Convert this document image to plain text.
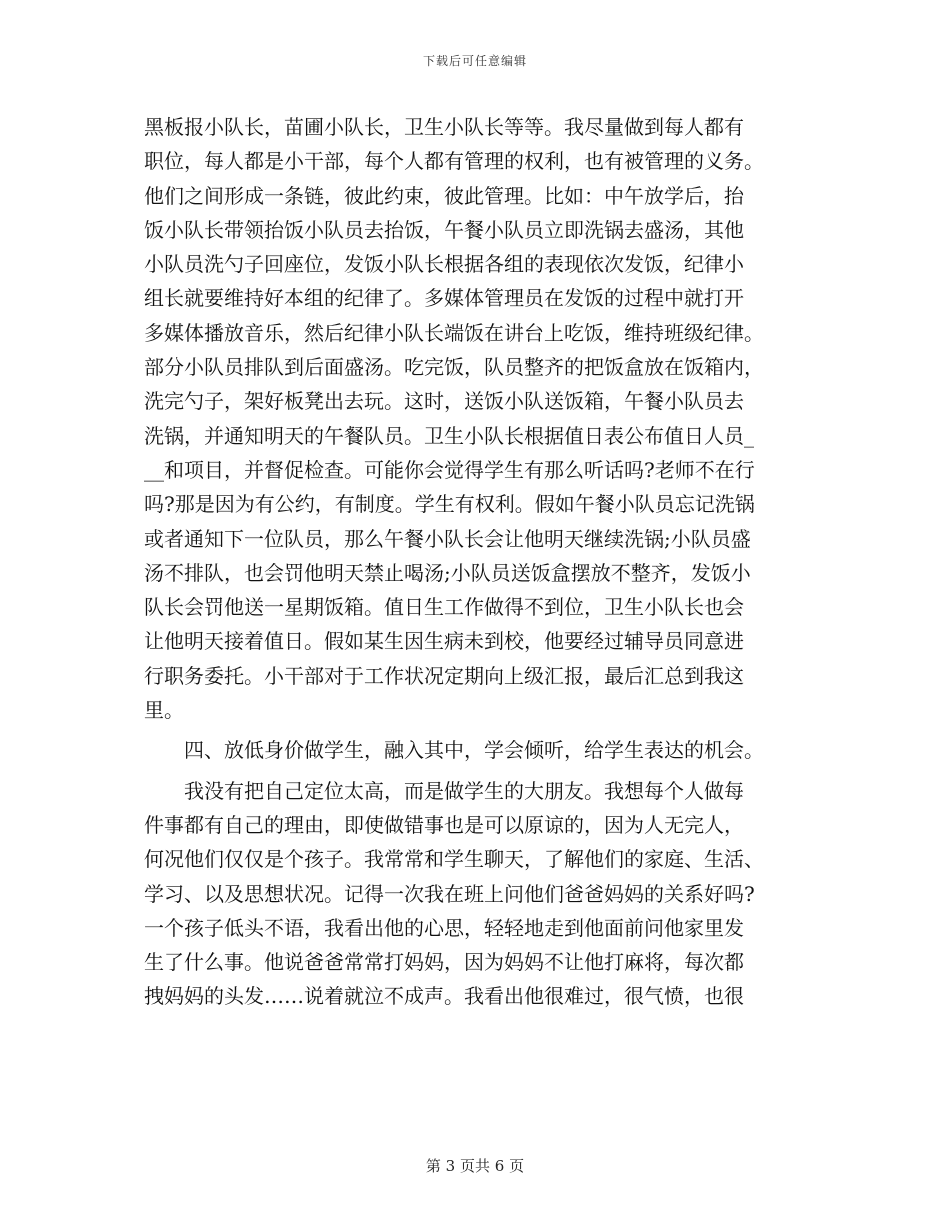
下载后可任意编辑
黑板报小队长，苗圃小队长，卫生小队长等等。我尽量做到每人都有
职位，每人都是小干部，每个人都有管理的权利，也有被管理的义务。
他们之间形成一条链，彼此约束，彼此管理。比如：中午放学后，抬
饭小队长带领抬饭小队员去抬饭，午餐小队员立即洗锅去盛汤，其他
小队员洗勺子回座位，发饭小队长根据各组的表现依次发饭，纪律小
组长就要维持好本组的纪律了。多媒体管理员在发饭的过程中就打开
多媒体播放音乐，然后纪律小队长端饭在讲台上吃饭，维持班级纪律。
部分小队员排队到后面盛汤。吃完饭，队员整齐的把饭盒放在饭箱内，
洗完勺子，架好板凳出去玩。这时，送饭小队送饭箱，午餐小队员去
洗锅，并通知明天的午餐队员。卫生小队长根据值日表公布值日人员_
__和项目，并督促检查。可能你会觉得学生有那么听话吗?老师不在行
吗?那是因为有公约，有制度。学生有权利。假如午餐小队员忘记洗锅
或者通知下一位队员，那么午餐小队长会让他明天继续洗锅;小队员盛
汤不排队，也会罚他明天禁止喝汤;小队员送饭盒摆放不整齐，发饭小
队长会罚他送一星期饭箱。值日生工作做得不到位，卫生小队长也会
让他明天接着值日。假如某生因生病未到校，他要经过辅导员同意进
行职务委托。小干部对于工作状况定期向上级汇报，最后汇总到我这
里。
四、放低身价做学生，融入其中，学会倾听，给学生表达的机会。
我没有把自己定位太高，而是做学生的大朋友。我想每个人做每
件事都有自己的理由，即使做错事也是可以原谅的，因为人无完人，
何况他们仅仅是个孩子。我常常和学生聊天，了解他们的家庭、生活、
学习、以及思想状况。记得一次我在班上问他们爸爸妈妈的关系好吗?
一个孩子低头不语，我看出他的心思，轻轻地走到他面前问他家里发
生了什么事。他说爸爸常常打妈妈，因为妈妈不让他打麻将，每次都
拽妈妈的头发……说着就泣不成声。我看出他很难过，很气愤，也很
第 3 页共 6 页
